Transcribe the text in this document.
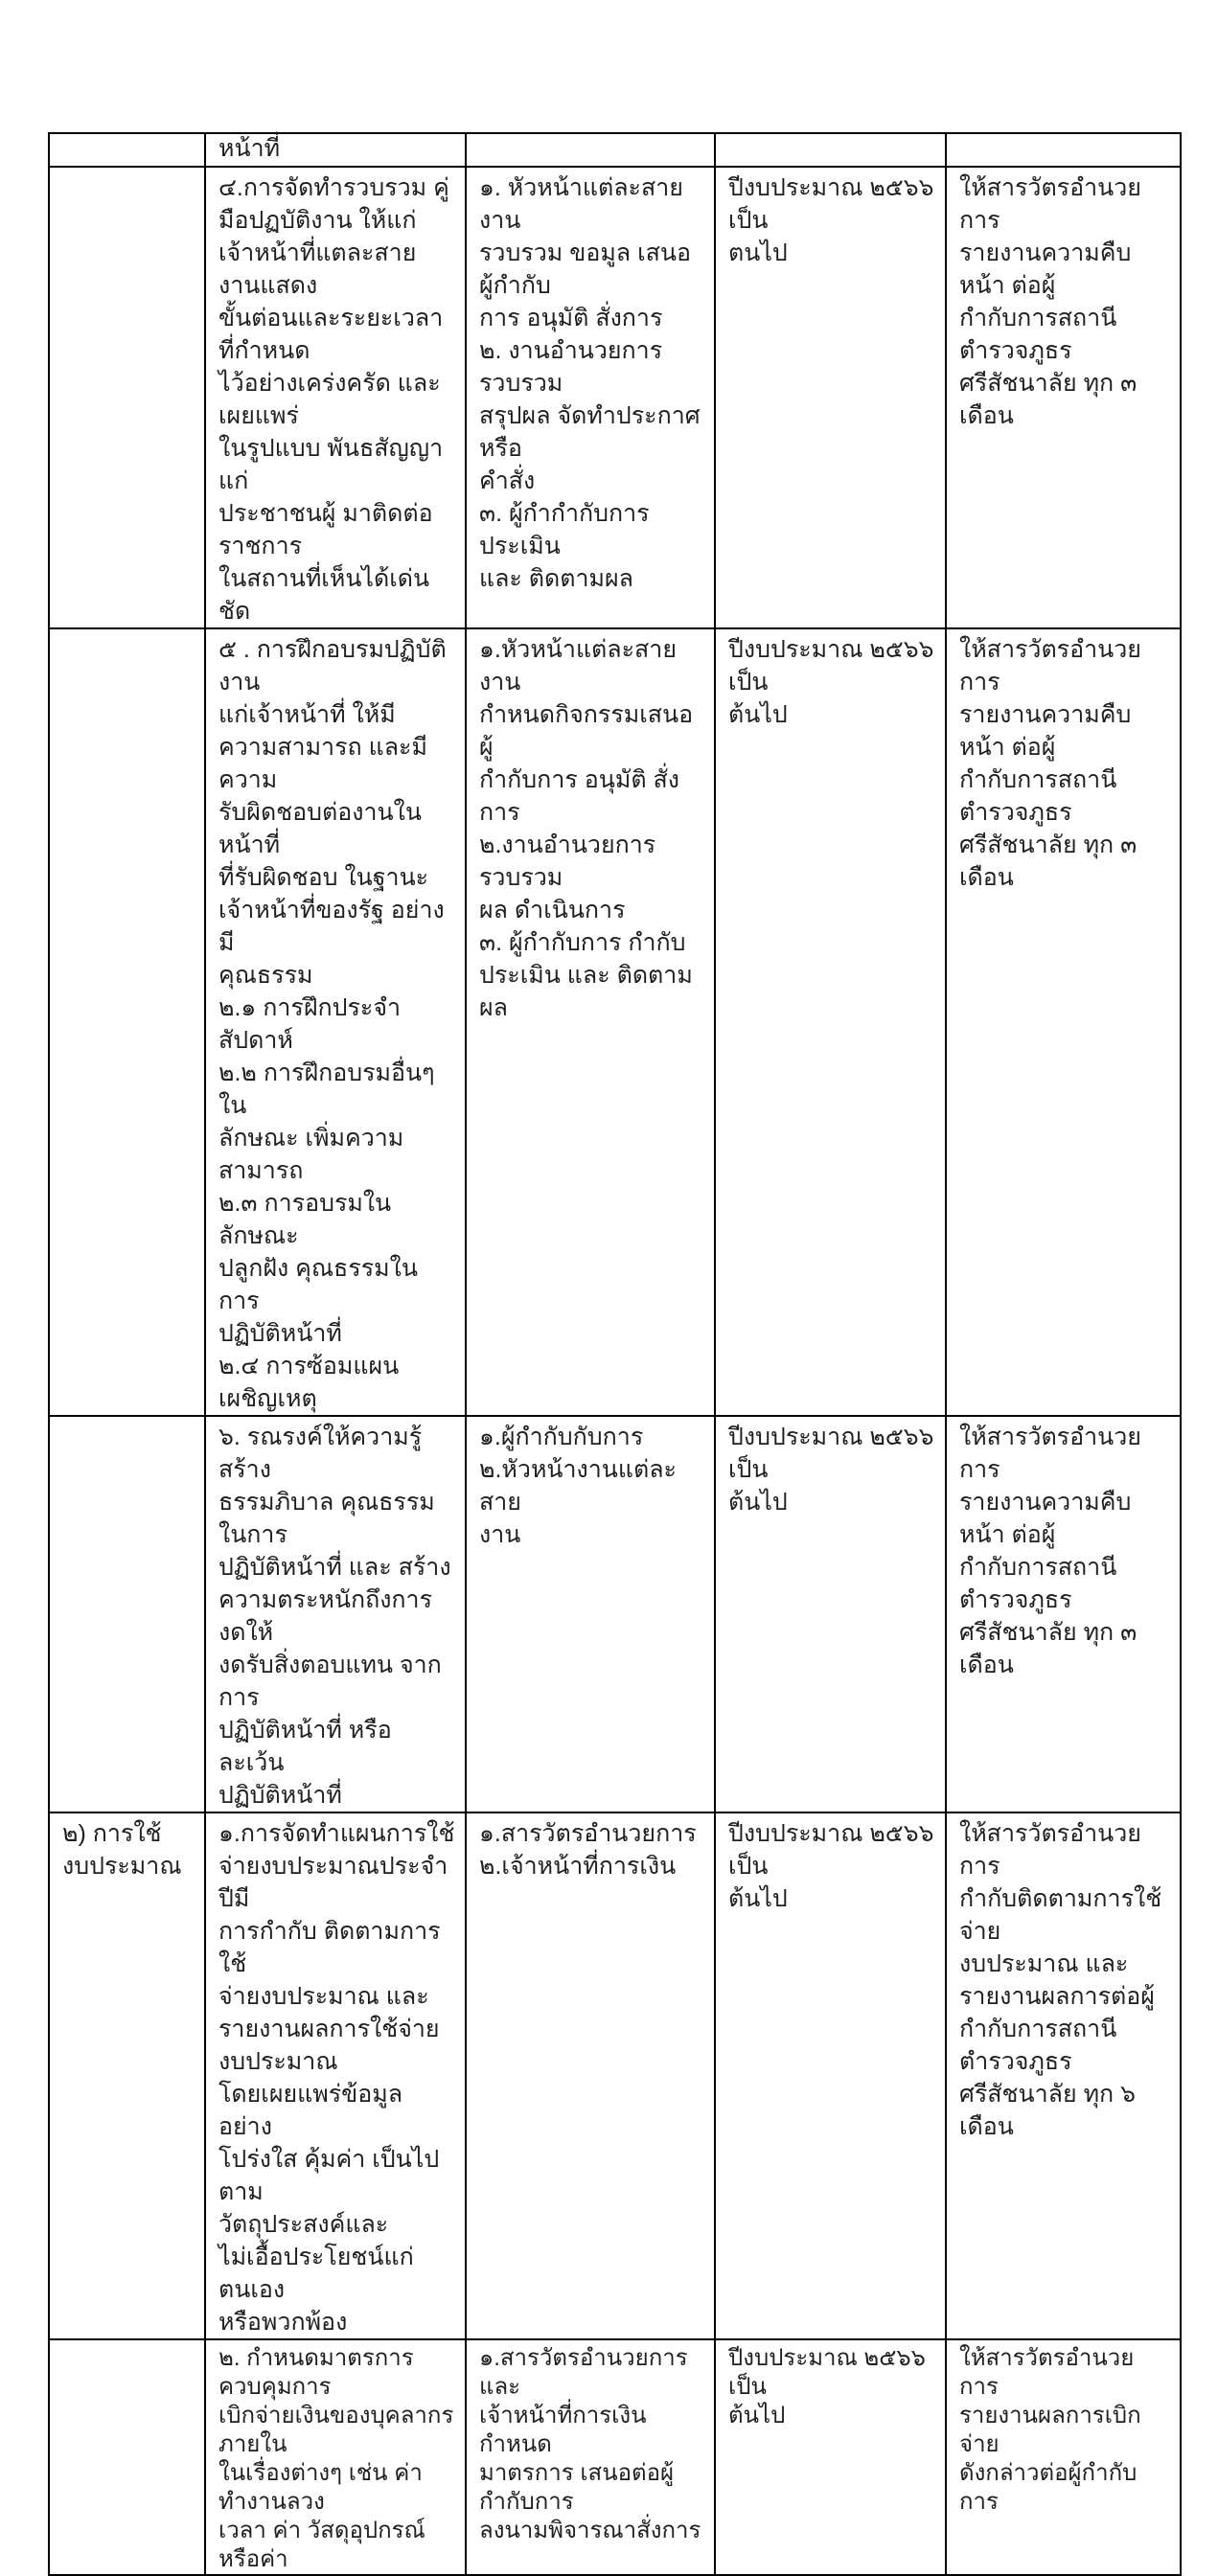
	หน้าที่			
	๔.การจัดทำรวบรวม คู่
มือปฏบัติงาน ให้แก่
เจ้าหน้าที่แตละสายงานแสดง
ขั้นต่อนและระยะเวลาที่กำหนด
ไว้อย่างเคร่งครัด และเผยแพร่
ในรูปแบบ พันธสัญญา แก่
ประชาชนผู้ มาติดต่อราชการ
ในสถานที่เห็นได้เด่นชัด	๑. หัวหน้าแต่ละสายงาน
รวบรวม ขอมูล เสนอผู้กำกับ
การ อนุมัติ สั่งการ
๒. งานอำนวยการ รวบรวม
สรุปผล จัดทำประกาศหรือ
คำสั่ง
๓. ผู้กำกำกับการ ประเมิน
และ ติดตามผล	ปีงบประมาณ ๒๕๖๖ เป็น
ตนไป	ให้สารวัตรอำนวยการ
รายงานความคืบหน้า ต่อผู้
กำกับการสถานีตำรวจภูธร
ศรีสัชนาลัย ทุก ๓ เดือน
	๕ . การฝึกอบรมปฏิบัติงาน
แก่เจ้าหน้าที่ ให้มี
ความสามารถ และมีความ
รับผิดชอบต่องานในหน้าที่
ที่รับผิดชอบ ในฐานะ
เจ้าหน้าที่ของรัฐ อย่างมี
คุณธรรม
๒.๑ การฝึกประจำสัปดาห์
๒.๒ การฝึกอบรมอื่นๆใน
ลักษณะ เพิ่มความสามารถ
๒.๓ การอบรมในลักษณะ
ปลูกฝัง คุณธรรมในการ
ปฏิบัติหน้าที่
๒.๔ การซ้อมแผนเผชิญเหตุ	๑.หัวหน้าแต่ละสายงาน
กำหนดกิจกรรมเสนอผู้
กำกับการ อนุมัติ สั่งการ
๒.งานอำนวยการรวบรวม
ผล ดำเนินการ
๓. ผู้กำกับการ กำกับ
ประเมิน และ ติดตามผล	ปีงบประมาณ ๒๕๖๖ เป็น
ต้นไป	ให้สารวัตรอำนวยการ
รายงานความคืบหน้า ต่อผู้
กำกับการสถานีตำรวจภูธร
ศรีสัชนาลัย ทุก ๓ เดือน
	๖. รณรงค์ให้ความรู้สร้าง
ธรรมภิบาล คุณธรรมในการ
ปฏิบัติหน้าที่ และ สร้าง
ความตระหนักถึงการงดให้
งดรับสิ่งตอบแทน จากการ
ปฏิบัติหน้าที่ หรือ ละเว้น
ปฏิบัติหน้าที่	๑.ผู้กำกับกับการ
๒.หัวหน้างานแต่ละ สาย
งาน	ปีงบประมาณ ๒๕๖๖ เป็น
ต้นไป	ให้สารวัตรอำนวยการ
รายงานความคืบหน้า ต่อผู้
กำกับการสถานีตำรวจภูธร
ศรีสัชนาลัย ทุก ๓ เดือน
๒) การใช้
งบประมาณ	๑.การจัดทำแผนการใช้
จ่ายงบประมาณประจำปีมี
การกำกับ ติดตามการใช้
จ่ายงบประมาณ และ
รายงานผลการใช้จ่าย
งบประมาณ
โดยเผยแพร่ข้อมูลอย่าง
โปร่งใส คุ้มค่า เป็นไปตาม
วัตถุประสงค์และ
ไม่เอื้อประโยชน์แก่ตนเอง
หรือพวกพ้อง	๑.สารวัตรอำนวยการ
๒.เจ้าหน้าที่การเงิน	ปีงบประมาณ ๒๕๖๖ เป็น
ต้นไป	ให้สารวัตรอำนวยการ
กำกับติดตามการใช้จ่าย
งบประมาณ และ
รายงานผลการต่อผู้
กำกับการสถานีตำรวจภูธร
ศรีสัชนาลัย ทุก ๖ เดือน
	๒. กำหนดมาตรการควบคุมการ
เบิกจ่ายเงินของบุคลากรภายใน
ในเรื่องต่างๆ เช่น ค่าทำงานลวง
เวลา ค่า วัสดุอุปกรณ์หรือค่า	๑.สารวัตรอำนวยการและ
เจ้าหน้าที่การเงินกำหนด
มาตรการ เสนอต่อผู้กำกับการ
ลงนามพิจารณาสั่งการ	ปีงบประมาณ ๒๕๖๖ เป็น
ต้นไป	ให้สารวัตรอำนวยการ
รายงานผลการเบิกจ่าย
ดังกล่าวต่อผู้กำกับการ
